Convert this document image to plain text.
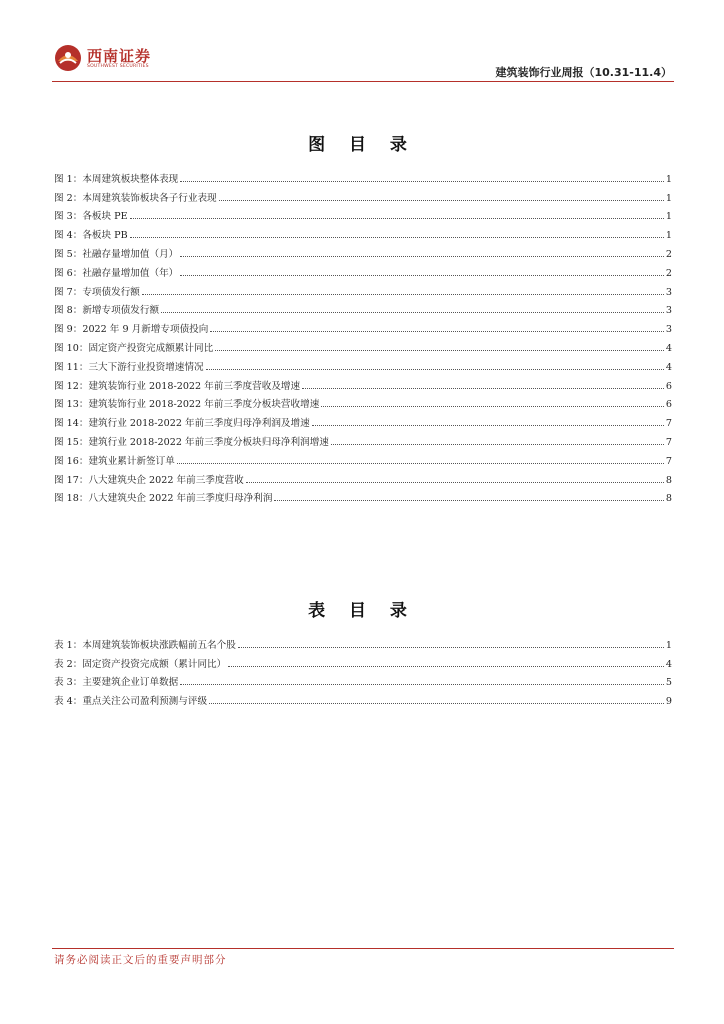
西南证券
SOUTHWEST SECURITIES	建筑装饰行业周报（10.31-11.4）
图 目 录
图 1：本周建筑板块整体表现	1
图 2：本周建筑装饰板块各子行业表现	1
图 3：各板块 PE	1
图 4：各板块 PB	1
图 5：社融存量增加值（月）	2
图 6：社融存量增加值（年）	2
图 7：专项债发行额	3
图 8：新增专项债发行额	3
图 9：2022 年 9 月新增专项债投向	3
图 10：固定资产投资完成额累计同比	4
图 11：三大下游行业投资增速情况	4
图 12：建筑装饰行业 2018-2022 年前三季度营收及增速	6
图 13：建筑装饰行业 2018-2022 年前三季度分板块营收增速	6
图 14：建筑行业 2018-2022 年前三季度归母净利润及增速	7
图 15：建筑行业 2018-2022 年前三季度分板块归母净利润增速	7
图 16：建筑业累计新签订单	7
图 17：八大建筑央企 2022 年前三季度营收	8
图 18：八大建筑央企 2022 年前三季度归母净利润	8
表 目 录
表 1：本周建筑装饰板块涨跌幅前五名个股	1
表 2：固定资产投资完成额（累计同比）	4
表 3：主要建筑企业订单数据	5
表 4：重点关注公司盈利预测与评级	9
请务必阅读正文后的重要声明部分
